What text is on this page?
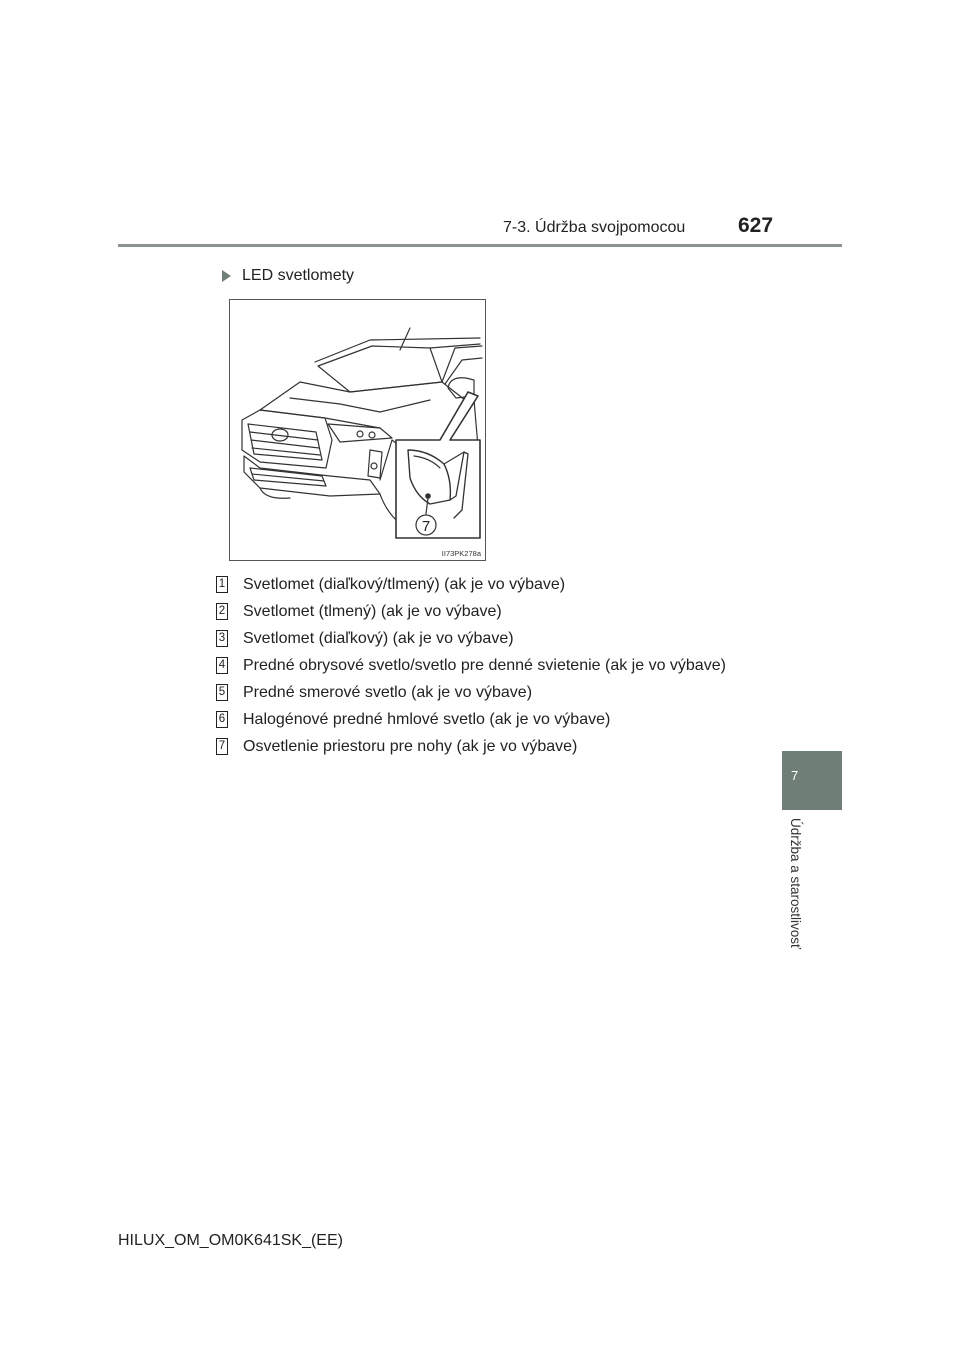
7-3. Údržba svojpomocou	627
7
Údržba a starostlivosť
LED svetlomety
7
II73PK278a
1 Svetlomet (diaľkový/tlmený) (ak je vo výbave)
2 Svetlomet (tlmený) (ak je vo výbave)
3 Svetlomet (diaľkový) (ak je vo výbave)
4 Predné obrysové svetlo/svetlo pre denné svietenie (ak je vo výbave)
5 Predné smerové svetlo (ak je vo výbave)
6 Halogénové predné hmlové svetlo (ak je vo výbave)
7 Osvetlenie priestoru pre nohy (ak je vo výbave)
HILUX_OM_OM0K641SK_(EE)
